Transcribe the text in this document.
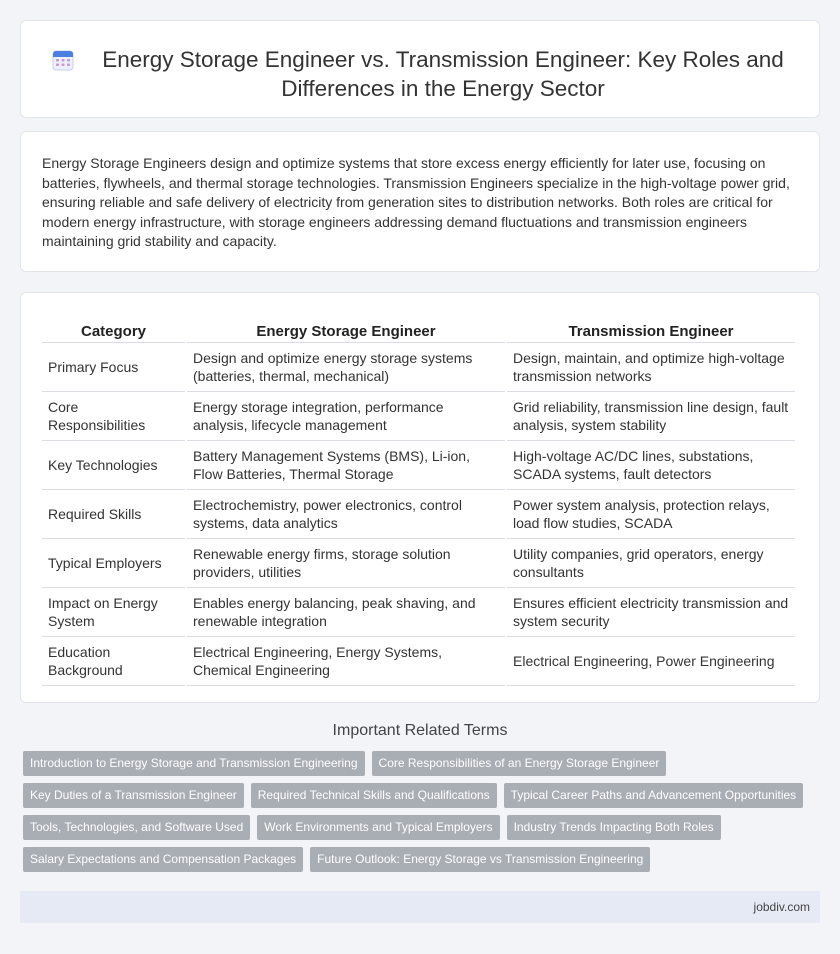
Energy Storage Engineer vs. Transmission Engineer: Key Roles and Differences in the Energy Sector

Energy Storage Engineers design and optimize systems that store excess energy efficiently for later use, focusing on batteries, flywheels, and thermal storage technologies. Transmission Engineers specialize in the high-voltage power grid, ensuring reliable and safe delivery of electricity from generation sites to distribution networks. Both roles are critical for modern energy infrastructure, with storage engineers addressing demand fluctuations and transmission engineers maintaining grid stability and capacity.

Category	Energy Storage Engineer	Transmission Engineer
Primary Focus	Design and optimize energy storage systems (batteries, thermal, mechanical)	Design, maintain, and optimize high-voltage transmission networks
Core Responsibilities	Energy storage integration, performance analysis, lifecycle management	Grid reliability, transmission line design, fault analysis, system stability
Key Technologies	Battery Management Systems (BMS), Li-ion, Flow Batteries, Thermal Storage	High-voltage AC/DC lines, substations, SCADA systems, fault detectors
Required Skills	Electrochemistry, power electronics, control systems, data analytics	Power system analysis, protection relays, load flow studies, SCADA
Typical Employers	Renewable energy firms, storage solution providers, utilities	Utility companies, grid operators, energy consultants
Impact on Energy System	Enables energy balancing, peak shaving, and renewable integration	Ensures efficient electricity transmission and system security
Education Background	Electrical Engineering, Energy Systems, Chemical Engineering	Electrical Engineering, Power Engineering
Important Related Terms
Introduction to Energy Storage and Transmission Engineering	Core Responsibilities of an Energy Storage Engineer
Key Duties of a Transmission Engineer	Required Technical Skills and Qualifications	Typical Career Paths and Advancement Opportunities
Tools, Technologies, and Software Used	Work Environments and Typical Employers	Industry Trends Impacting Both Roles
Salary Expectations and Compensation Packages	Future Outlook: Energy Storage vs Transmission Engineering
jobdiv.com
